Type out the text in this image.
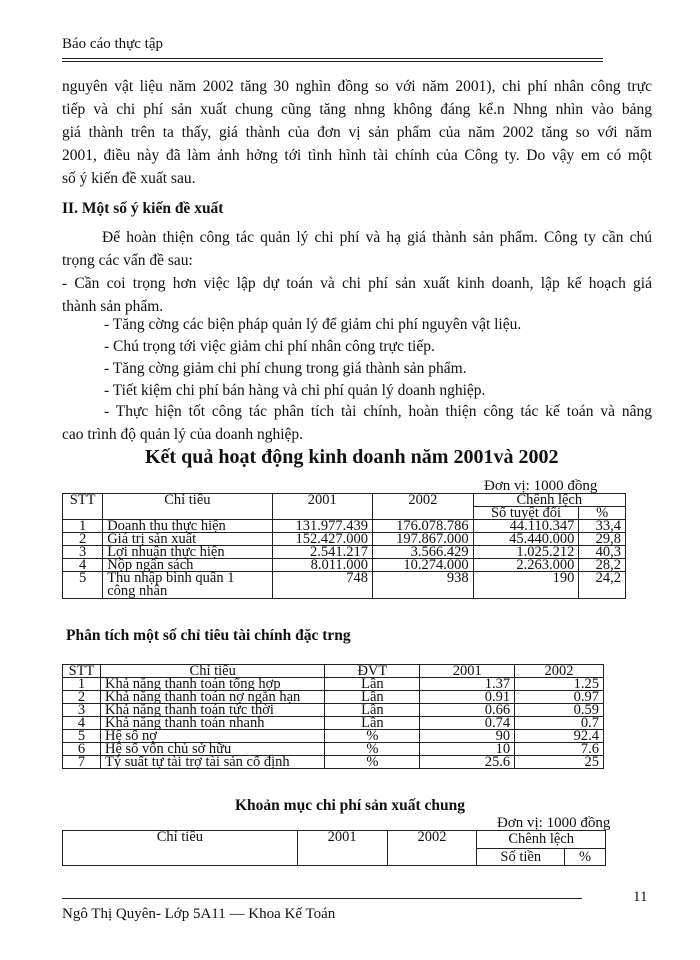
Báo cáo thực tập
nguyên vật liệu năm 2002 tăng 30 nghìn đồng so với năm 2001), chi phí nhân công trực
tiếp và chi phí sản xuất chung cũng tăng nhng không đáng kể.n Nhng nhìn vào bảng
giá thành trên ta thấy, giá thành của đơn vị sản phẩm của năm 2002 tăng so với năm
2001, điều này đã làm ảnh hởng tới tình hình tài chính của Công ty. Do vậy em có một
số ý kiến đề xuất sau.
II. Một số ý kiến đề xuất
Để hoàn thiện công tác quản lý chi phí và hạ giá thành sản phẩm. Công ty cần chú
trọng các vấn đề sau:
- Cần coi trọng hơn việc lập dự toán và chi phí sản xuất kinh doanh, lập kế hoạch giá
thành sản phẩm.
- Tăng cờng các biện pháp quản lý để giảm chi phí nguyên vật liệu.
- Chú trọng tới việc giảm chi phí nhân công trực tiếp.
- Tăng cờng giảm chi phí chung trong giá thành sản phẩm.
- Tiết kiệm chi phí bán hàng và chi phí quản lý doanh nghiệp.
- Thực hiện tốt công tác phân tích tài chính, hoàn thiện công tác kế toán và nâng
cao trình độ quản lý của doanh nghiệp.
Kết quả hoạt động kinh doanh năm 2001và 2002
Đơn vị: 1000 đồng
STT	Chỉ tiêu	2001	2002	Chênh lệch	
				Số tuyệt đối	%
1	Doanh thu thực hiện	131.977.439	176.078.786	44.110.347	33,4
2	Giá trị sản xuất	152.427.000	197.867.000	45.440.000	29,8
3	Lợi nhuận thực hiện	2.541.217	3.566.429	1.025.212	40,3
4	Nộp ngân sách	8.011.000	10.274.000	2.263.000	28,2
5	Thu nhập bình quân 1
công nhân	748	938	190	24,2
Phân tích một số chỉ tiêu tài chính đặc trng
STT	Chỉ tiêu	ĐVT	2001	2002
1	Khả năng thanh toán tổng hợp	Lần	1.37	1.25
2	Khả năng thanh toán nợ ngắn hạn	Lần	0.91	0.97
3	Khả năng thanh toán tức thời	Lần	0.66	0.59
4	Khả năng thanh toán nhanh	Lần	0.74	0.7
5	Hệ số nợ	%	90	92.4
6	Hệ số vốn chủ sở hữu	%	10	7.6
7	Tỷ suất tự tài trợ tài sản cố định	%	25.6	25
Khoản mục chi phí sản xuất chung
Đơn vị: 1000 đồng
Chỉ tiêu	2001	2002	Chênh lệch	
			Số tiền	%
11
Ngô Thị Quyên- Lớp 5A11 — Khoa Kế Toán
